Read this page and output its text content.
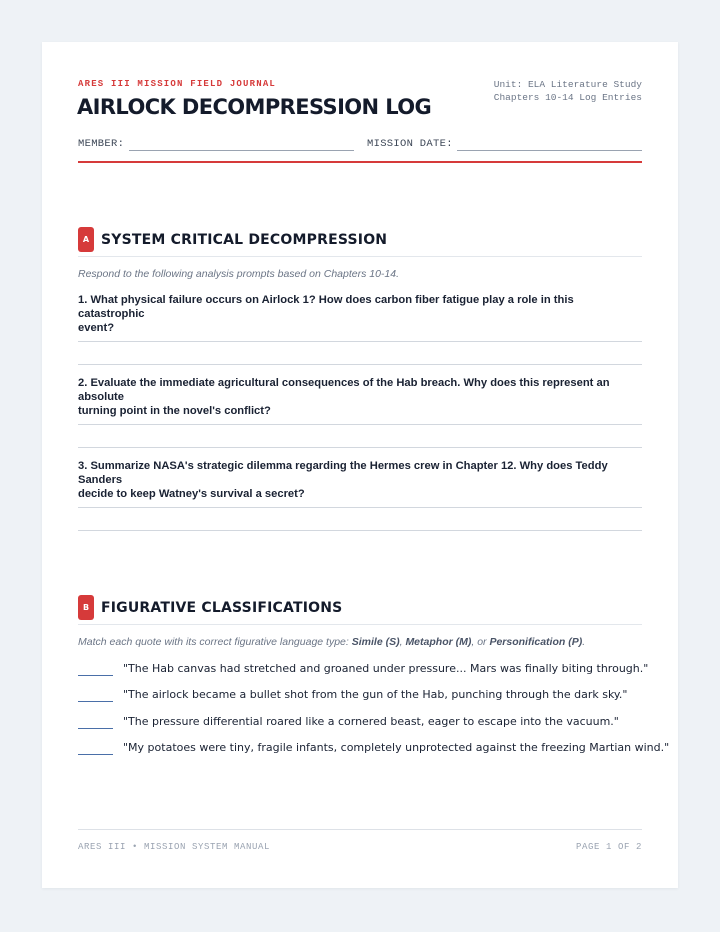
ARES III MISSION FIELD JOURNAL
AIRLOCK DECOMPRESSION LOG
Unit: ELA Literature Study
Chapters 10-14 Log Entries
MEMBER:	MISSION DATE:
A SYSTEM CRITICAL DECOMPRESSION
Respond to the following analysis prompts based on Chapters 10-14.
1. What physical failure occurs on Airlock 1? How does carbon fiber fatigue play a role in this catastrophic
event?
2. Evaluate the immediate agricultural consequences of the Hab breach. Why does this represent an absolute
turning point in the novel's conflict?
3. Summarize NASA's strategic dilemma regarding the Hermes crew in Chapter 12. Why does Teddy Sanders
decide to keep Watney's survival a secret?
B FIGURATIVE CLASSIFICATIONS
Match each quote with its correct figurative language type: Simile (S), Metaphor (M), or Personification (P).
"The Hab canvas had stretched and groaned under pressure... Mars was finally biting through."
"The airlock became a bullet shot from the gun of the Hab, punching through the dark sky."
"The pressure differential roared like a cornered beast, eager to escape into the vacuum."
"My potatoes were tiny, fragile infants, completely unprotected against the freezing Martian wind."
ARES III • MISSION SYSTEM MANUAL	PAGE 1 OF 2
